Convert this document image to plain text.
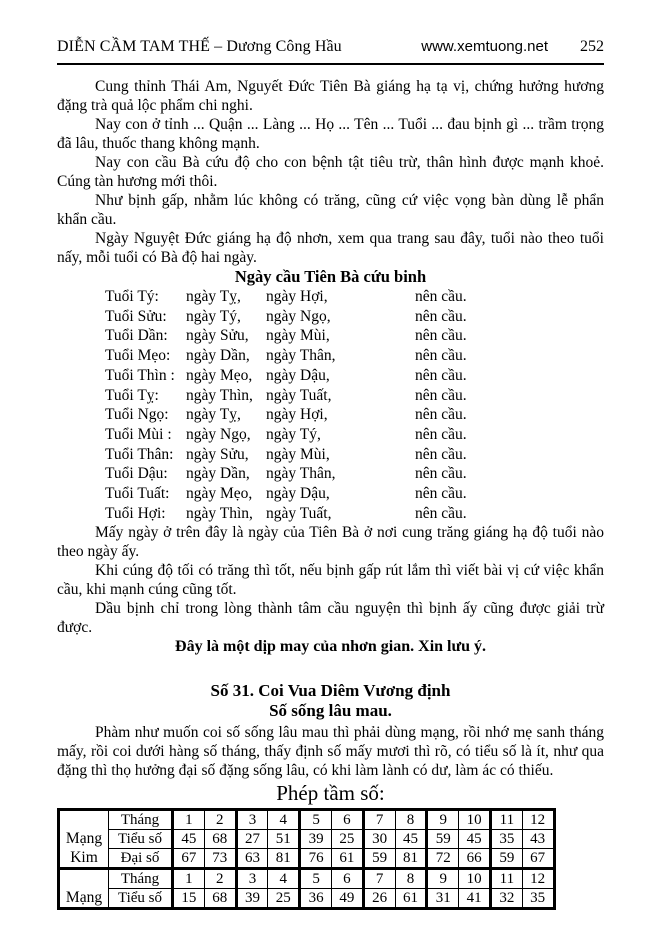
DIỄN CẦM TAM THẾ – Dương Công Hầu	www.xemtuong.net 252

Cung thỉnh Thái Am, Nguyết Đức Tiên Bà giáng hạ tạ vị, chứng hưởng hương đặng trà quả lộc phẩm chi nghi.

Nay con ở tỉnh ... Quận ... Làng ... Họ ... Tên ... Tuổi ... đau bịnh gì ... trầm trọng đã lâu, thuốc thang không mạnh.

Nay con cầu Bà cứu độ cho con bệnh tật tiêu trừ, thân hình được mạnh khoẻ. Cúng tàn hương mới thôi.

Như bịnh gấp, nhằm lúc không có trăng, cũng cứ việc vọng bàn dùng lễ phẩn khẩn cầu.

Ngày Nguyệt Đức giáng hạ độ nhơn, xem qua trang sau đây, tuổi nào theo tuổi nấy, mỗi tuổi có Bà độ hai ngày.

Ngày cầu Tiên Bà cứu binh
Tuổi Tý:	ngày Tỵ,	ngày Hợi,	nên cầu.
Tuổi Sửu:	ngày Tý,	ngày Ngọ,	nên cầu.
Tuổi Dần:	ngày Sửu,	ngày Mùi,	nên cầu.
Tuổi Mẹo:	ngày Dần,	ngày Thân,	nên cầu.
Tuổi Thìn : ngày Mẹo, ngày Dậu,	nên cầu.
Tuổi Tỵ:	ngày Thìn, ngày Tuất,	nên cầu.
Tuổi Ngọ:	ngày Tỵ,	ngày Hợi,	nên cầu.
Tuổi Mùi : ngày Ngọ, ngày Tý,	nên cầu.
Tuổi Thân: ngày Sửu,	ngày Mùi,	nên cầu.
Tuổi Dậu:	ngày Dần,	ngày Thân,	nên cầu.
Tuổi Tuất:	ngày Mẹo, ngày Dậu,	nên cầu.
Tuổi Hợi:	ngày Thìn, ngày Tuất,	nên cầu.

Mấy ngày ở trên đây là ngày của Tiên Bà ở nơi cung trăng giáng hạ độ tuổi nào theo ngày ấy.

Khi cúng độ tối có trăng thì tốt, nếu bịnh gấp rút lắm thì viết bài vị cứ việc khẩn cầu, khi mạnh cúng cũng tốt.

Dầu bịnh chỉ trong lòng thành tâm cầu nguyện thì bịnh ấy cũng được giải trừ được.

Đây là một dịp may của nhơn gian. Xin lưu ý.
Số 31. Coi Vua Diêm Vương định
Số sống lâu mau.

Phàm như muốn coi số sống lâu mau thì phải dùng mạng, rồi nhớ mẹ sanh tháng mấy, rồi coi dưới hàng số tháng, thấy định số mấy mươi thì rõ, có tiểu số là ít, như qua đặng thì thọ hưởng đại số đặng sống lâu, có khi làm lành có dư, làm ác có thiếu.

Phép tầm số:
Mạng
Kim	Tháng	1	2	3	4	5	6	7	8	9	10	11	12
	Tiểu số	45	68	27	51	39	25	30	45	59	45	35	43
	Đại số	67	73	63	81	76	61	59	81	72	66	59	67

Mạng	Tháng	1	2	3	4	5	6	7	8	9	10	11	12
	Tiểu số	15	68	39	25	36	49	26	61	31	41	32	35
